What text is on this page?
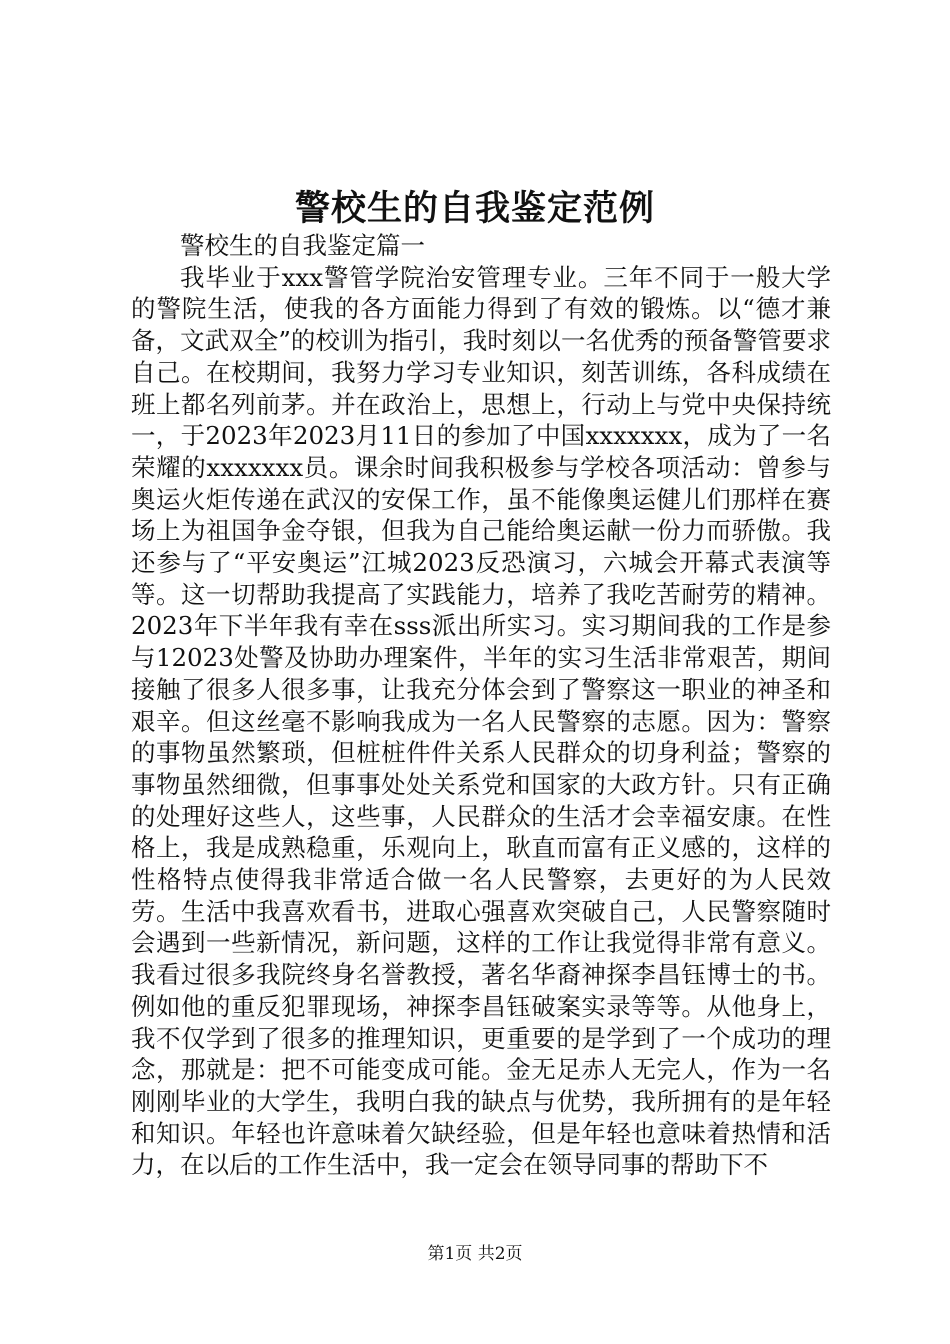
警校生的自我鉴定范例

警校生的自我鉴定篇一

我毕业于xxx警管学院治安管理专业。三年不同于一般大学的警院生活，使我的各方面能力得到了有效的锻炼。以“德才兼备，文武双全”的校训为指引，我时刻以一名优秀的预备警管要求自己。在校期间，我努力学习专业知识，刻苦训练，各科成绩在班上都名列前茅。并在政治上，思想上，行动上与党中央保持统一，于2023年2023月11日的参加了中国xxxxxxx，成为了一名荣耀的xxxxxxx员。课余时间我积极参与学校各项活动：曾参与奥运火炬传递在武汉的安保工作，虽不能像奥运健儿们那样在赛场上为祖国争金夺银，但我为自己能给奥运献一份力而骄傲。我还参与了“平安奥运”江城2023反恐演习，六城会开幕式表演等等。这一切帮助我提高了实践能力，培养了我吃苦耐劳的精神。2023年下半年我有幸在sss派出所实习。实习期间我的工作是参与12023处警及协助办理案件，半年的实习生活非常艰苦，期间接触了很多人很多事，让我充分体会到了警察这一职业的神圣和艰辛。但这丝毫不影响我成为一名人民警察的志愿。因为：警察的事物虽然繁琐，但桩桩件件关系人民群众的切身利益；警察的事物虽然细微，但事事处处关系党和国家的大政方针。只有正确的处理好这些人，这些事，人民群众的生活才会幸福安康。在性格上，我是成熟稳重，乐观向上，耿直而富有正义感的，这样的性格特点使得我非常适合做一名人民警察，去更好的为人民效劳。生活中我喜欢看书，进取心强喜欢突破自己，人民警察随时会遇到一些新情况，新问题，这样的工作让我觉得非常有意义。我看过很多我院终身名誉教授，著名华裔神探李昌钰博士的书。例如他的重反犯罪现场，神探李昌钰破案实录等等。从他身上，我不仅学到了很多的推理知识，更重要的是学到了一个成功的理念，那就是：把不可能变成可能。金无足赤人无完人，作为一名刚刚毕业的大学生，我明白我的缺点与优势，我所拥有的是年轻和知识。年轻也许意味着欠缺经验，但是年轻也意味着热情和活力，在以后的工作生活中，我一定会在领导同事的帮助下不

第1页 共2页
